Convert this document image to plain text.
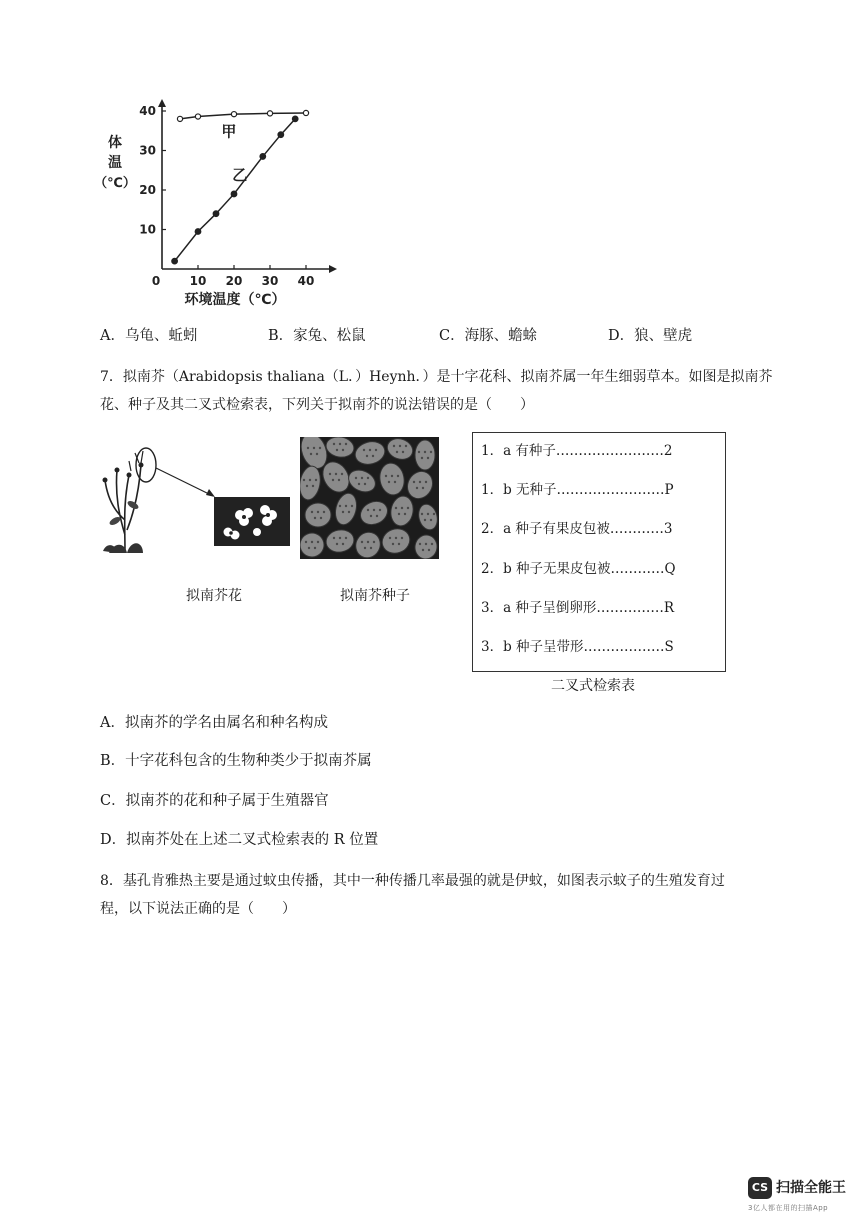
0 10 20 30 40
10
20
30
40
体
温
（℃）
环境温度（℃）
甲
乙
A．乌龟、蚯蚓	B．家兔、松鼠	C．海豚、蟾蜍	D．狼、壁虎
7．拟南芥（Arabidopsis thaliana（L．）Heynh．）是十字花科、拟南芥属一年生细弱草本。如图是拟南芥
花、种子及其二叉式检索表，下列关于拟南芥的说法错误的是（　　）
拟南芥花	拟南芥种子
1．a 有种子……………………2
1．b 无种子……………………P
2．a 种子有果皮包被…………3
2．b 种子无果皮包被…………Q
3．a 种子呈倒卵形……………R
3．b 种子呈带形………………S
二叉式检索表
A．拟南芥的学名由属名和种名构成
B．十字花科包含的生物种类少于拟南芥属
C．拟南芥的花和种子属于生殖器官
D．拟南芥处在上述二叉式检索表的 R 位置
8．基孔肯雅热主要是通过蚊虫传播，其中一种传播几率最强的就是伊蚊，如图表示蚊子的生殖发育过
程，以下说法正确的是（　　）
CS 扫描全能王
3亿人都在用的扫描App
